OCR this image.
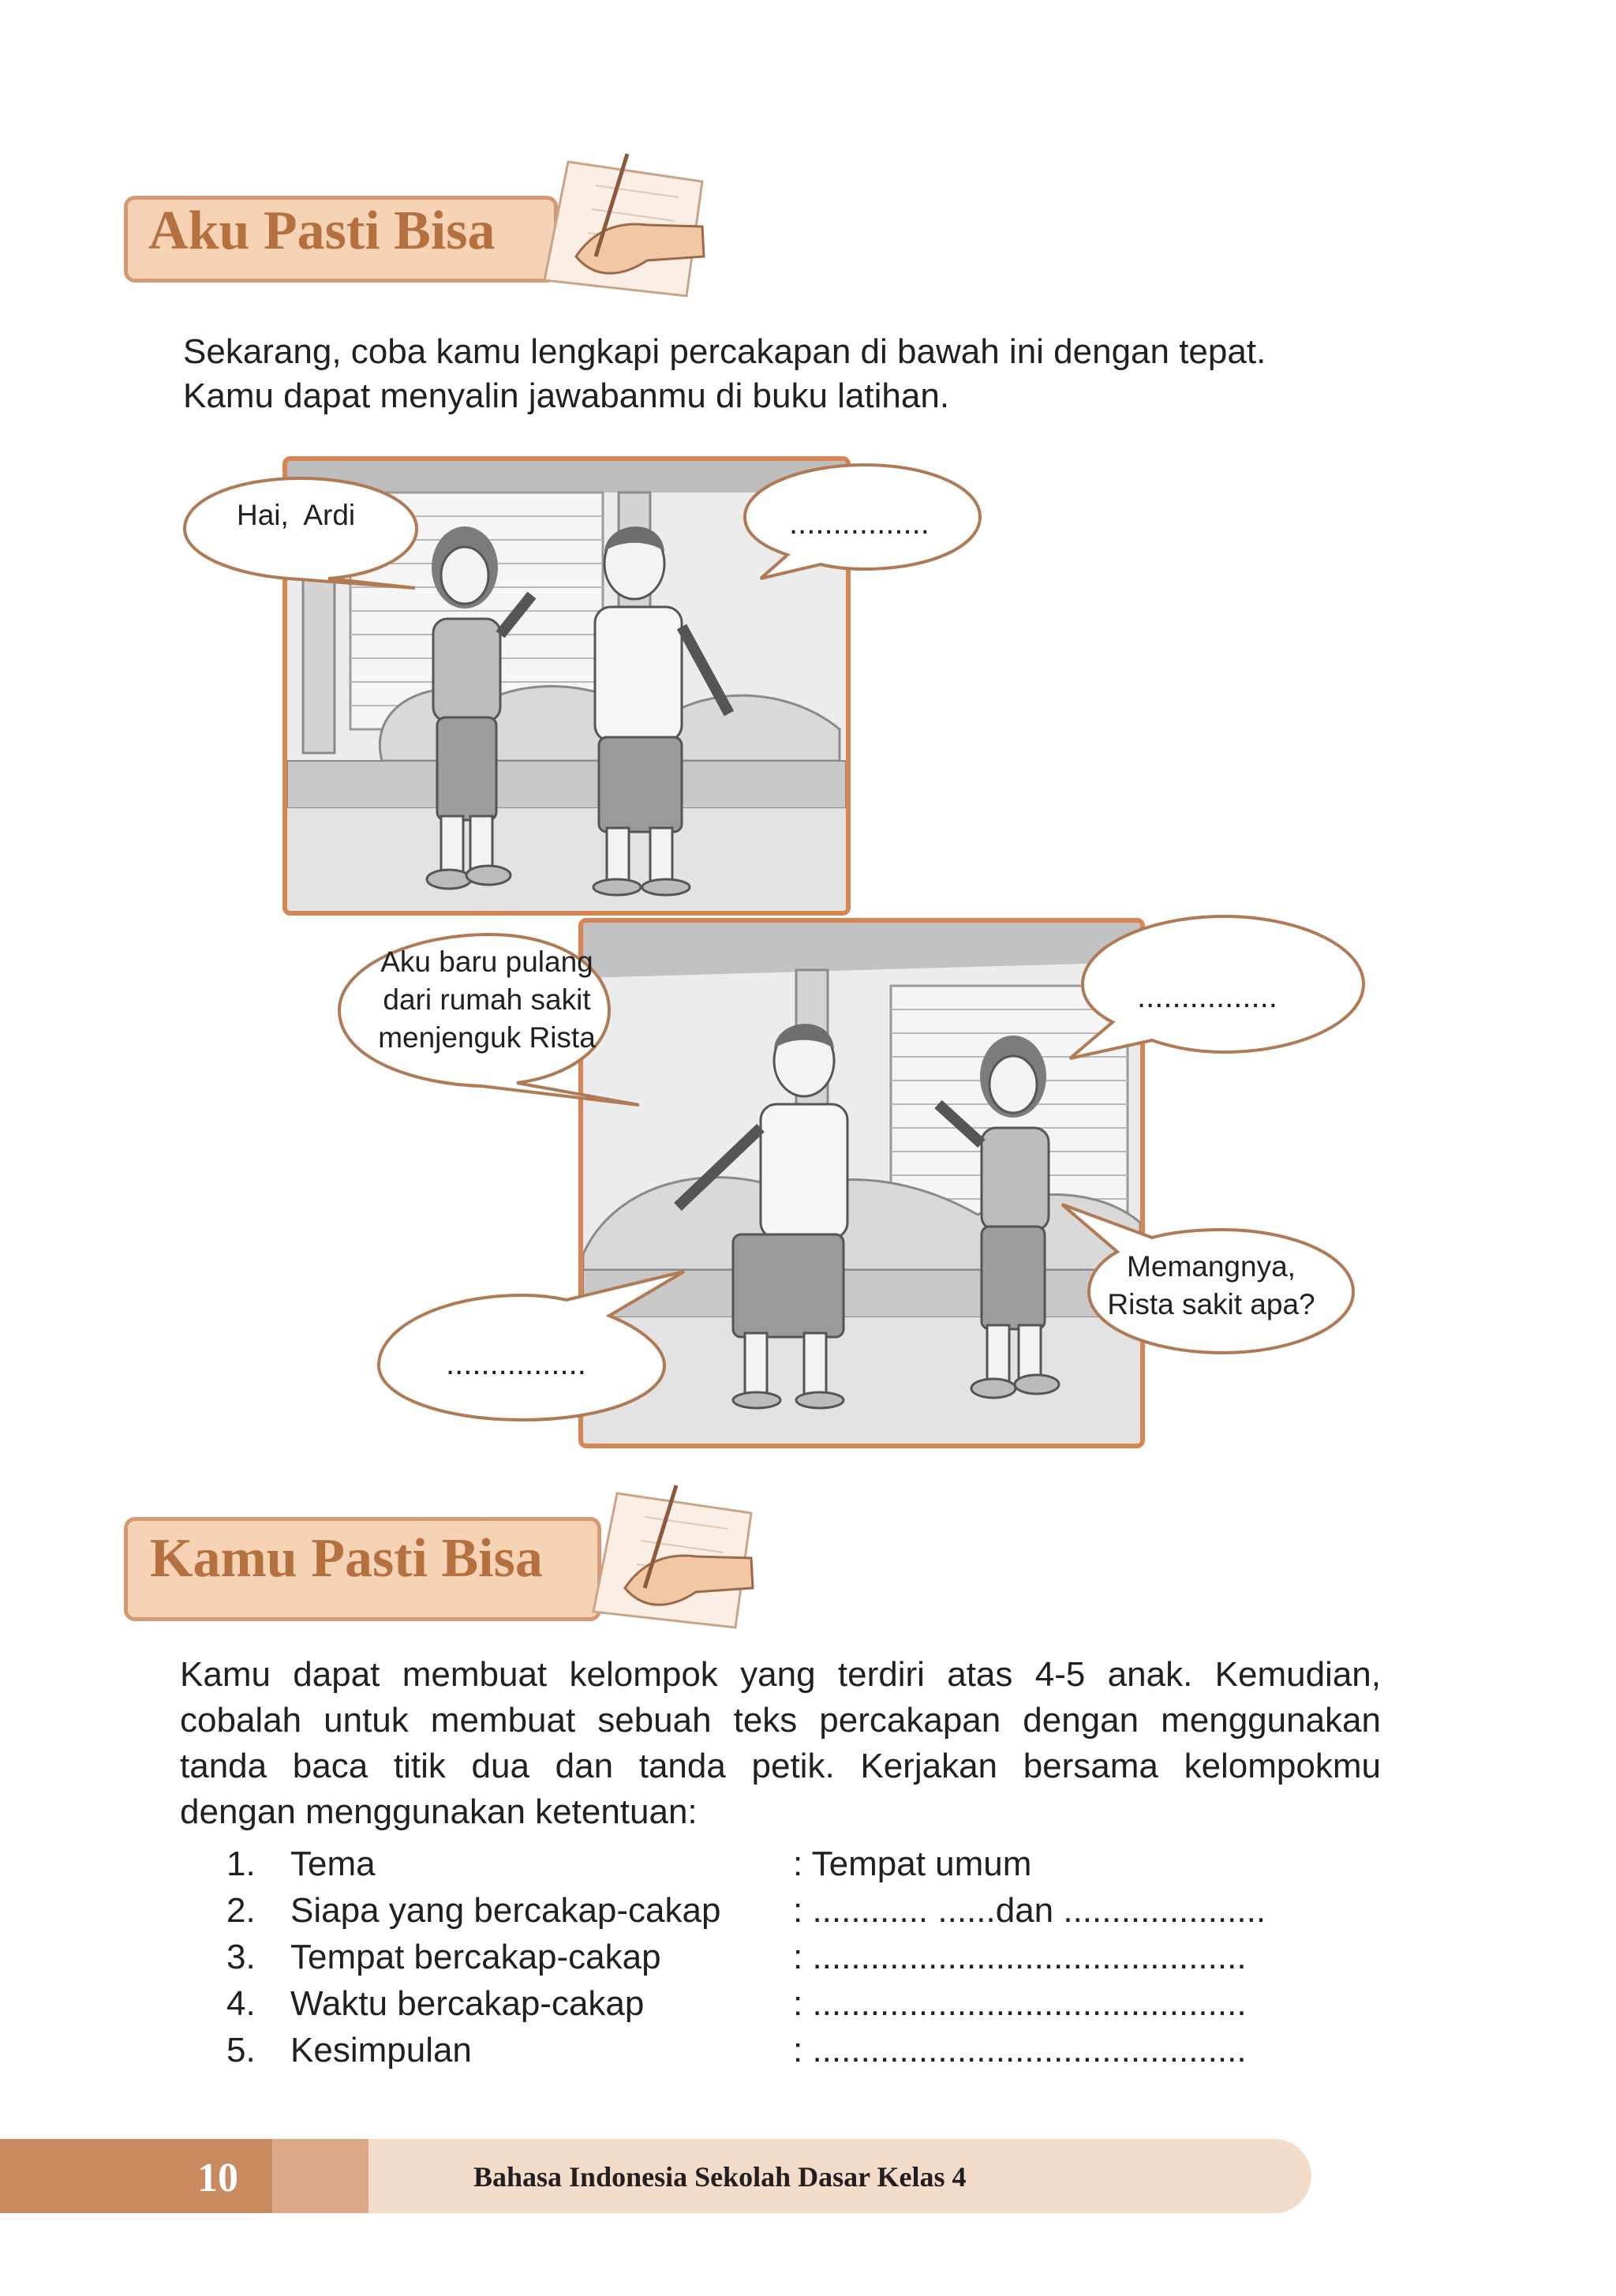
Aku Pasti Bisa
Sekarang, coba kamu lengkapi percakapan di bawah ini dengan tepat.
Kamu dapat menyalin jawabanmu di buku latihan.
Hai,  Ardi	................
Aku baru pulang
dari rumah sakit
menjenguk Rista
................
Memangnya,
Rista sakit apa?
................
Kamu Pasti Bisa
Kamu dapat membuat kelompok yang terdiri atas 4-5 anak. Kemudian,
cobalah untuk membuat sebuah teks percakapan dengan menggunakan
tanda baca titik dua dan tanda petik. Kerjakan bersama kelompokmu
dengan menggunakan ketentuan:
1. Tema	: Tempat umum
2. Siapa yang bercakap-cakap : ............ ......dan .....................
3. Tempat bercakap-cakap	: .............................................
4. Waktu bercakap-cakap	: .............................................
5. Kesimpulan	: .............................................
10	Bahasa Indonesia Sekolah Dasar Kelas 4
